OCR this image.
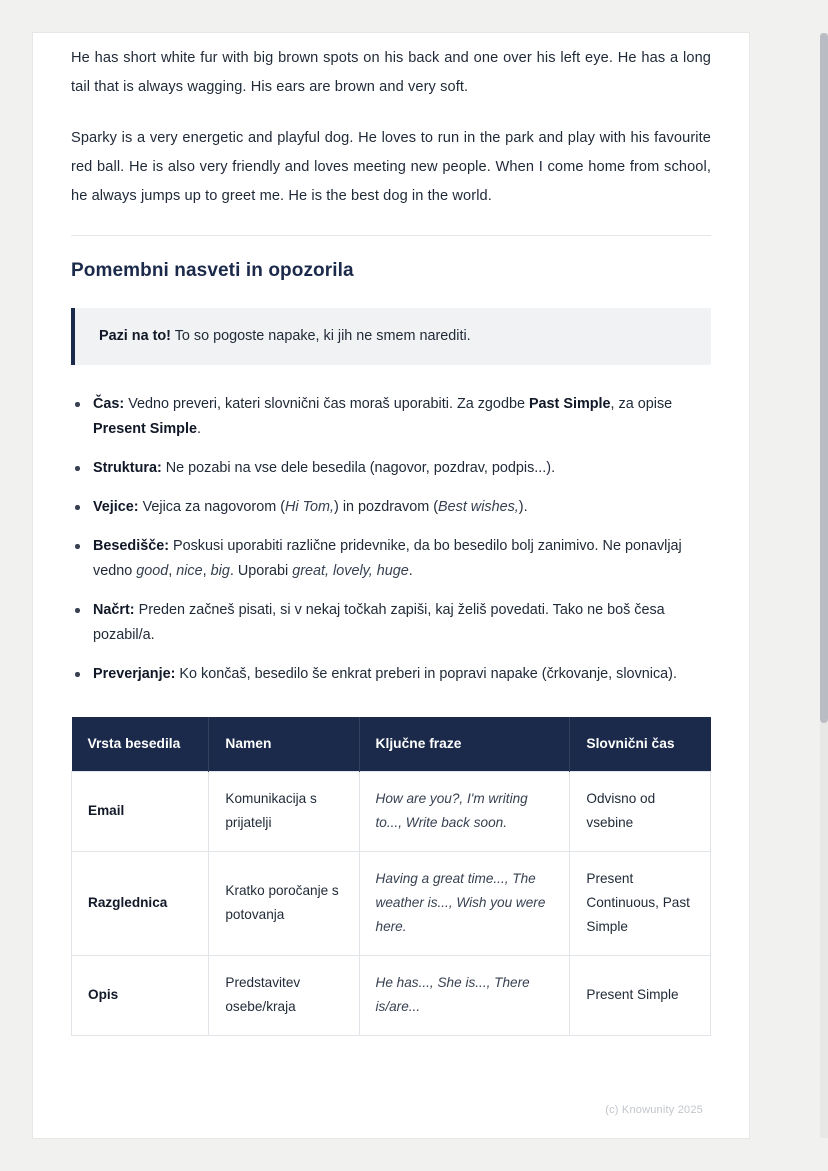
He has short white fur with big brown spots on his back and one over his left eye. He has a long tail that is always wagging. His ears are brown and very soft.

Sparky is a very energetic and playful dog. He loves to run in the park and play with his favourite red ball. He is also very friendly and loves meeting new people. When I come home from school, he always jumps up to greet me. He is the best dog in the world.

Pomembni nasveti in opozorila
Pazi na to! To so pogoste napake, ki jih ne smem narediti.
Čas: Vedno preveri, kateri slovnični čas moraš uporabiti. Za zgodbe Past Simple, za opise Present Simple.
Struktura: Ne pozabi na vse dele besedila (nagovor, pozdrav, podpis...).
Vejice: Vejica za nagovorom (Hi Tom,) in pozdravom (Best wishes,).
Besedišče: Poskusi uporabiti različne pridevnike, da bo besedilo bolj zanimivo. Ne ponavljaj vedno good, nice, big. Uporabi great, lovely, huge.
Načrt: Preden začneš pisati, si v nekaj točkah zapiši, kaj želiš povedati. Tako ne boš česa pozabil/a.
Preverjanje: Ko končaš, besedilo še enkrat preberi in popravi napake (črkovanje, slovnica).
Vrsta besedila	Namen	Ključne fraze	Slovnični čas
Email	Komunikacija s prijatelji	How are you?, I'm writing to..., Write back soon.	Odvisno od vsebine
Razglednica	Kratko poročanje s potovanja	Having a great time..., The weather is..., Wish you were here.	Present Continuous, Past Simple
Opis	Predstavitev osebe/kraja	He has..., She is..., There is/are...	Present Simple
(c) Knowunity 2025
